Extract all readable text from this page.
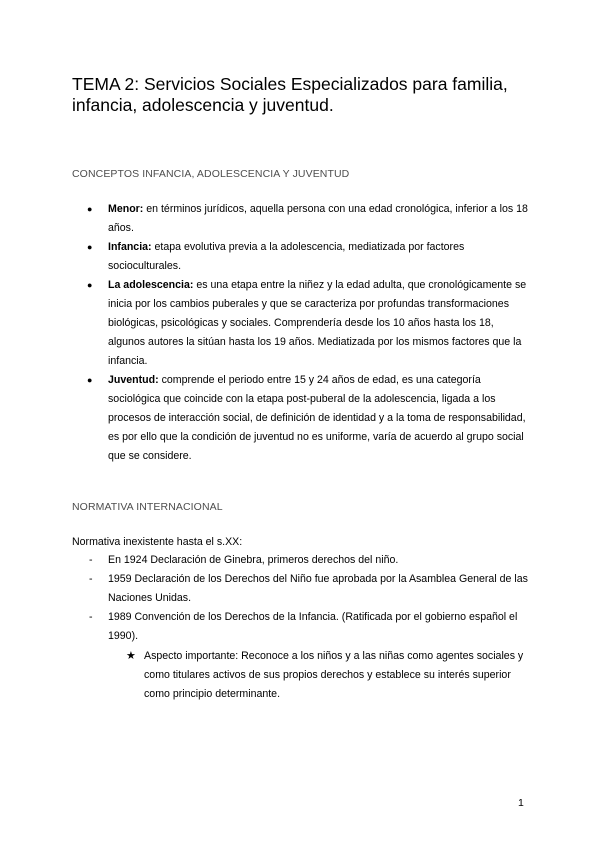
TEMA 2: Servicios Sociales Especializados para familia, infancia, adolescencia y juventud.
CONCEPTOS INFANCIA, ADOLESCENCIA Y JUVENTUD
● Menor: en términos jurídicos, aquella persona con una edad cronológica, inferior a los 18 años.
● Infancia: etapa evolutiva previa a la adolescencia, mediatizada por factores socioculturales.
● La adolescencia: es una etapa entre la niñez y la edad adulta, que cronológicamente se inicia por los cambios puberales y que se caracteriza por profundas transformaciones biológicas, psicológicas y sociales. Comprendería desde los 10 años hasta los 18, algunos autores la sitúan hasta los 19 años. Mediatizada por los mismos factores que la infancia.
● Juventud: comprende el periodo entre 15 y 24 años de edad, es una categoría sociológica que coincide con la etapa post-puberal de la adolescencia, ligada a los procesos de interacción social, de definición de identidad y a la toma de responsabilidad, es por ello que la condición de juventud no es uniforme, varía de acuerdo al grupo social que se considere.
NORMATIVA INTERNACIONAL
Normativa inexistente hasta el s.XX:
- En 1924 Declaración de Ginebra, primeros derechos del niño.
- 1959 Declaración de los Derechos del Niño fue aprobada por la Asamblea General de las Naciones Unidas.
- 1989 Convención de los Derechos de la Infancia. (Ratificada por el gobierno español el 1990).
★ Aspecto importante: Reconoce a los niños y a las niñas como agentes sociales y como titulares activos de sus propios derechos y establece su interés superior como principio determinante.
1
